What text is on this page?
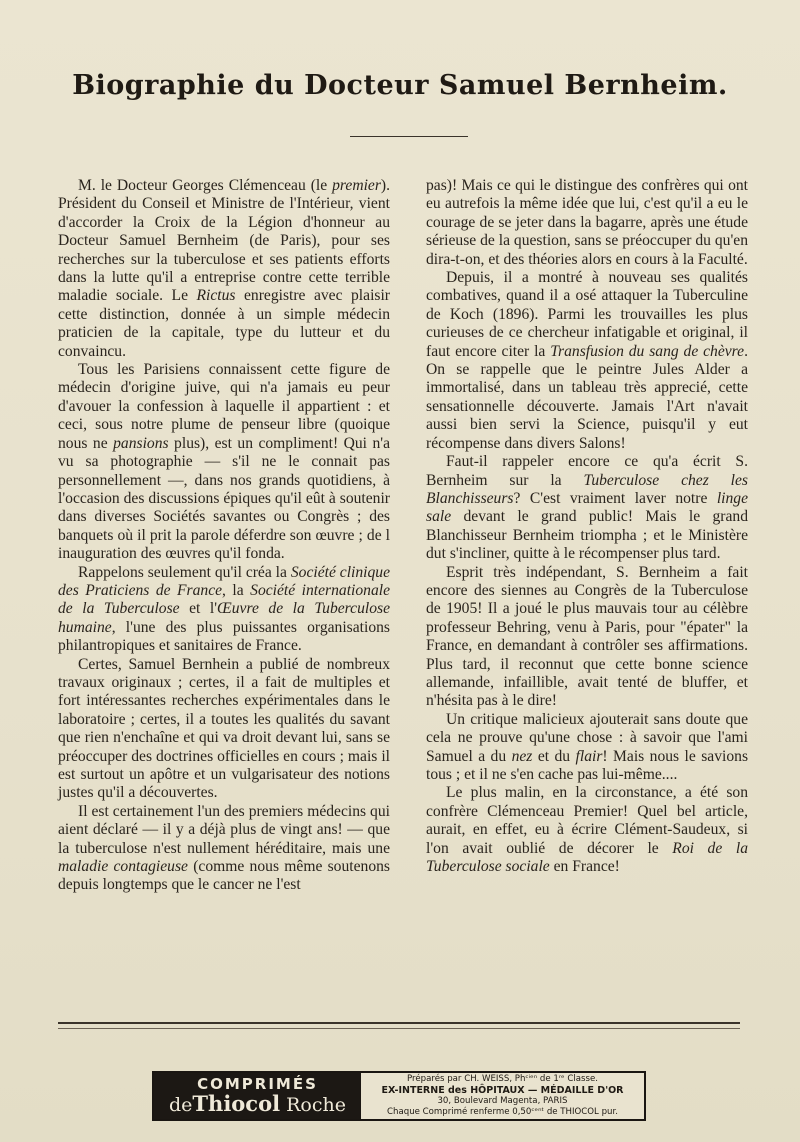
Biographie du Docteur Samuel Bernheim.

M. le Docteur Georges Clémenceau (le premier). Président du Conseil et Ministre de l'Intérieur, vient d'accorder la Croix de la Légion d'honneur au Docteur Samuel Bernheim (de Paris), pour ses recherches sur la tuberculose et ses patients efforts dans la lutte qu'il a entreprise contre cette terrible maladie sociale. Le Rictus enregistre avec plaisir cette distinction, donnée à un simple médecin praticien de la capitale, type du lutteur et du convaincu.

Tous les Parisiens connaissent cette figure de médecin d'origine juive, qui n'a jamais eu peur d'avouer la confession à laquelle il appartient : et ceci, sous notre plume de penseur libre (quoique nous ne pansions plus), est un compliment! Qui n'a vu sa photographie — s'il ne le connait pas personnellement —, dans nos grands quotidiens, à l'occasion des discussions épiques qu'il eût à soutenir dans diverses Sociétés savantes ou Congrès ; des banquets où il prit la parole déferdre son œuvre ; de l inauguration des œuvres qu'il fonda.

Rappelons seulement qu'il créa la Société clinique des Praticiens de France, la Société internationale de la Tuberculose et l'Œuvre de la Tuberculose humaine, l'une des plus puissantes organisations philantropiques et sanitaires de France.

Certes, Samuel Bernhein a publié de nombreux travaux originaux ; certes, il a fait de multiples et fort intéressantes recherches expérimentales dans le laboratoire ; certes, il a toutes les qualités du savant que rien n'enchaîne et qui va droit devant lui, sans se préoccuper des doctrines officielles en cours ; mais il est surtout un apôtre et un vulgarisateur des notions justes qu'il a découvertes.

Il est certainement l'un des premiers médecins qui aient déclaré — il y a déjà plus de vingt ans! — que la tuberculose n'est nullement héréditaire, mais une maladie contagieuse (comme nous même soutenons depuis longtemps que le cancer ne l'est

pas)! Mais ce qui le distingue des confrères qui ont eu autrefois la même idée que lui, c'est qu'il a eu le courage de se jeter dans la bagarre, après une étude sérieuse de la question, sans se préoccuper du qu'en dira-t-on, et des théories alors en cours à la Faculté.

Depuis, il a montré à nouveau ses qualités combatives, quand il a osé attaquer la Tuberculine de Koch (1896). Parmi les trouvailles les plus curieuses de ce chercheur infatigable et original, il faut encore citer la Transfusion du sang de chèvre. On se rappelle que le peintre Jules Alder a immortalisé, dans un tableau très apprecié, cette sensationnelle découverte. Jamais l'Art n'avait aussi bien servi la Science, puisqu'il y eut récompense dans divers Salons!

Faut-il rappeler encore ce qu'a écrit S. Bernheim sur la Tuberculose chez les Blanchisseurs? C'est vraiment laver notre linge sale devant le grand public! Mais le grand Blanchisseur Bernheim triompha ; et le Ministère dut s'incliner, quitte à le récompenser plus tard.

Esprit très indépendant, S. Bernheim a fait encore des siennes au Congrès de la Tuberculose de 1905! Il a joué le plus mauvais tour au célèbre professeur Behring, venu à Paris, pour "épater" la France, en demandant à contrôler ses affirmations. Plus tard, il reconnut que cette bonne science allemande, infaillible, avait tenté de bluffer, et n'hésita pas à le dire!

Un critique malicieux ajouterait sans doute que cela ne prouve qu'une chose : à savoir que l'ami Samuel a du nez et du flair! Mais nous le savions tous ; et il ne s'en cache pas lui-même....

Le plus malin, en la circonstance, a été son confrère Clémenceau Premier! Quel bel article, aurait, en effet, eu à écrire Clément-Saudeux, si l'on avait oublié de décorer le Roi de la Tuberculose sociale en France!

COMPRIMÉS
deThiocol Roche
Préparés par CH. WEISS, Phᶜⁱᵉⁿ de 1ʳᵉ Classe.
EX-INTERNE des HÔPITAUX — MÉDAILLE D'OR
30, Boulevard Magenta, PARIS
Chaque Comprimé renferme 0,50ᶜᵉⁿᵗ de THIOCOL pur.
